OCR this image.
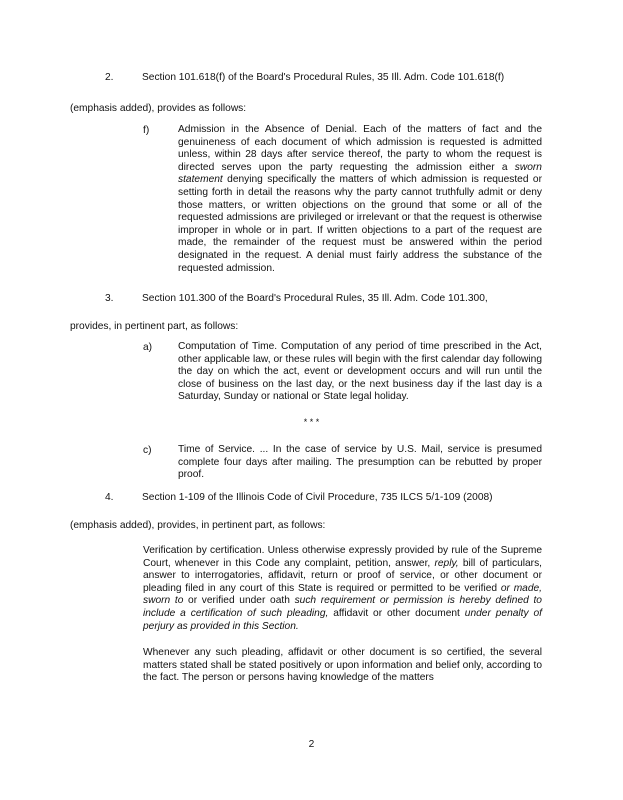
2.	Section 101.618(f) of the Board's Procedural Rules, 35 Ill. Adm. Code 101.618(f)
(emphasis added), provides as follows:
f)	Admission in the Absence of Denial. Each of the matters of fact and the genuineness of each document of which admission is requested is admitted unless, within 28 days after service thereof, the party to whom the request is directed serves upon the party requesting the admission either a sworn statement denying specifically the matters of which admission is requested or setting forth in detail the reasons why the party cannot truthfully admit or deny those matters, or written objections on the ground that some or all of the requested admissions are privileged or irrelevant or that the request is otherwise improper in whole or in part. If written objections to a part of the request are made, the remainder of the request must be answered within the period designated in the request. A denial must fairly address the substance of the requested admission.
3.	Section 101.300 of the Board's Procedural Rules, 35 Ill. Adm. Code 101.300,
provides, in pertinent part, as follows:
a)	Computation of Time. Computation of any period of time prescribed in the Act, other applicable law, or these rules will begin with the first calendar day following the day on which the act, event or development occurs and will run until the close of business on the last day, or the next business day if the last day is a Saturday, Sunday or national or State legal holiday.
* * *
c)	Time of Service. ... In the case of service by U.S. Mail, service is presumed complete four days after mailing. The presumption can be rebutted by proper proof.
4.	Section 1-109 of the Illinois Code of Civil Procedure, 735 ILCS 5/1-109 (2008)
(emphasis added), provides, in pertinent part, as follows:
Verification by certification. Unless otherwise expressly provided by rule of the Supreme Court, whenever in this Code any complaint, petition, answer, reply, bill of particulars, answer to interrogatories, affidavit, return or proof of service, or other document or pleading filed in any court of this State is required or permitted to be verified or made, sworn to or verified under oath such requirement or permission is hereby defined to include a certification of such pleading, affidavit or other document under penalty of perjury as provided in this Section.
Whenever any such pleading, affidavit or other document is so certified, the several matters stated shall be stated positively or upon information and belief only, according to the fact. The person or persons having knowledge of the matters
2
